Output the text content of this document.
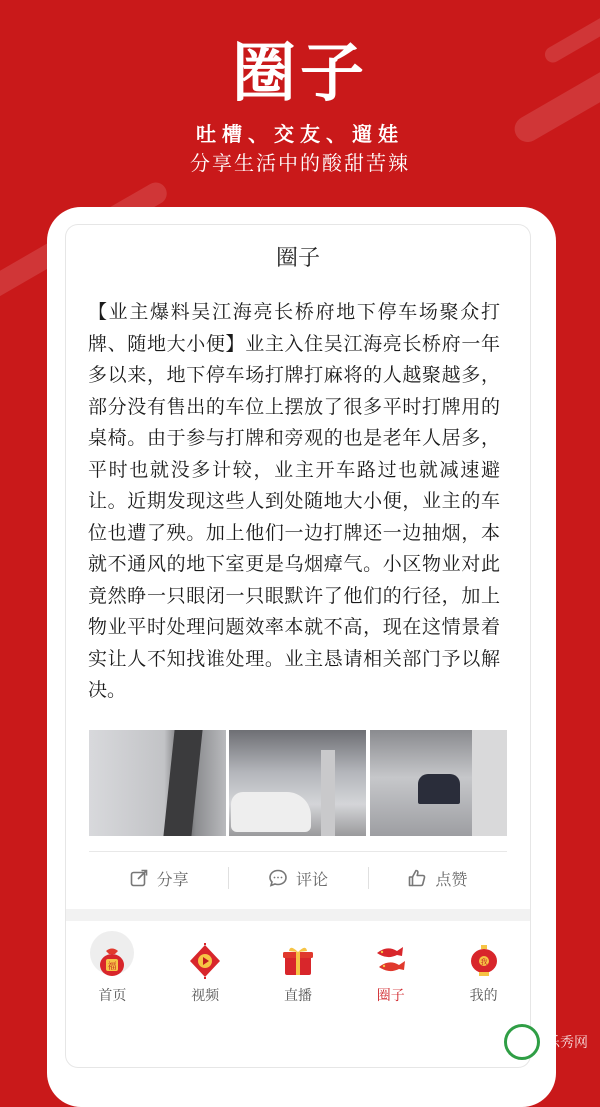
圈子
吐槽、交友、遛娃
分享生活中的酸甜苦辣
圈子
【业主爆料吴江海亮长桥府地下停车场聚众打牌、随地大小便】业主入住吴江海亮长桥府一年多以来，地下停车场打牌打麻将的人越聚越多，部分没有售出的车位上摆放了很多平时打牌用的桌椅。由于参与打牌和旁观的也是老年人居多，平时也就没多计较，业主开车路过也就减速避让。近期发现这些人到处随地大小便，业主的车位也遭了殃。加上他们一边打牌还一边抽烟，本就不通风的地下室更是乌烟瘴气。小区物业对此竟然睁一只眼闭一只眼默许了他们的行径，加上物业平时处理问题效率本就不高，现在这情景着实让人不知找谁处理。业主恳请相关部门予以解决。
分享	评论	点赞
福
首页	视频	直播	圈子
我
我的
乐秀网
